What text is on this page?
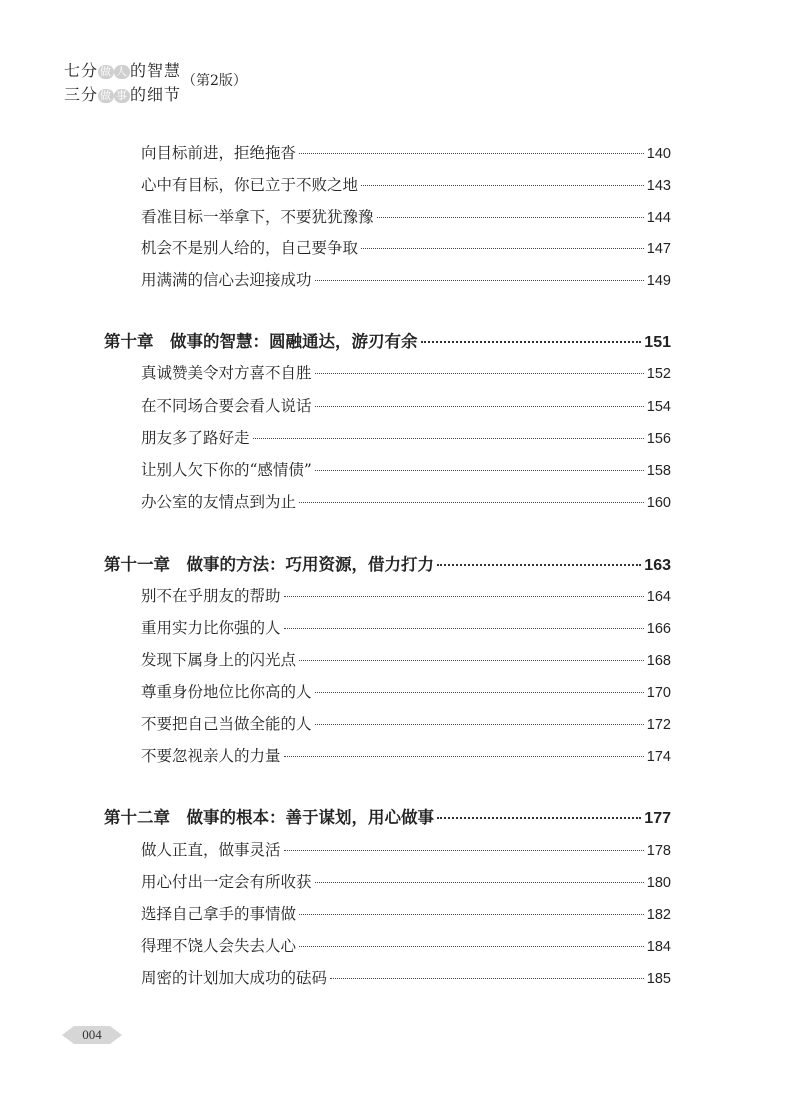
七分 做 人 的智慧
三分 做 事 的细节
（第2版）
向目标前进，拒绝拖沓	140
心中有目标，你已立于不败之地	143
看准目标一举拿下，不要犹犹豫豫	144
机会不是别人给的，自己要争取	147
用满满的信心去迎接成功	149
第十章　做事的智慧：圆融通达，游刃有余	151
真诚赞美令对方喜不自胜	152
在不同场合要会看人说话	154
朋友多了路好走	156
让别人欠下你的“感情债”	158
办公室的友情点到为止	160
第十一章　做事的方法：巧用资源，借力打力	163
别不在乎朋友的帮助	164
重用实力比你强的人	166
发现下属身上的闪光点	168
尊重身份地位比你高的人	170
不要把自己当做全能的人	172
不要忽视亲人的力量	174
第十二章　做事的根本：善于谋划，用心做事	177
做人正直，做事灵活	178
用心付出一定会有所收获	180
选择自己拿手的事情做	182
得理不饶人会失去人心	184
周密的计划加大成功的砝码	185
004
